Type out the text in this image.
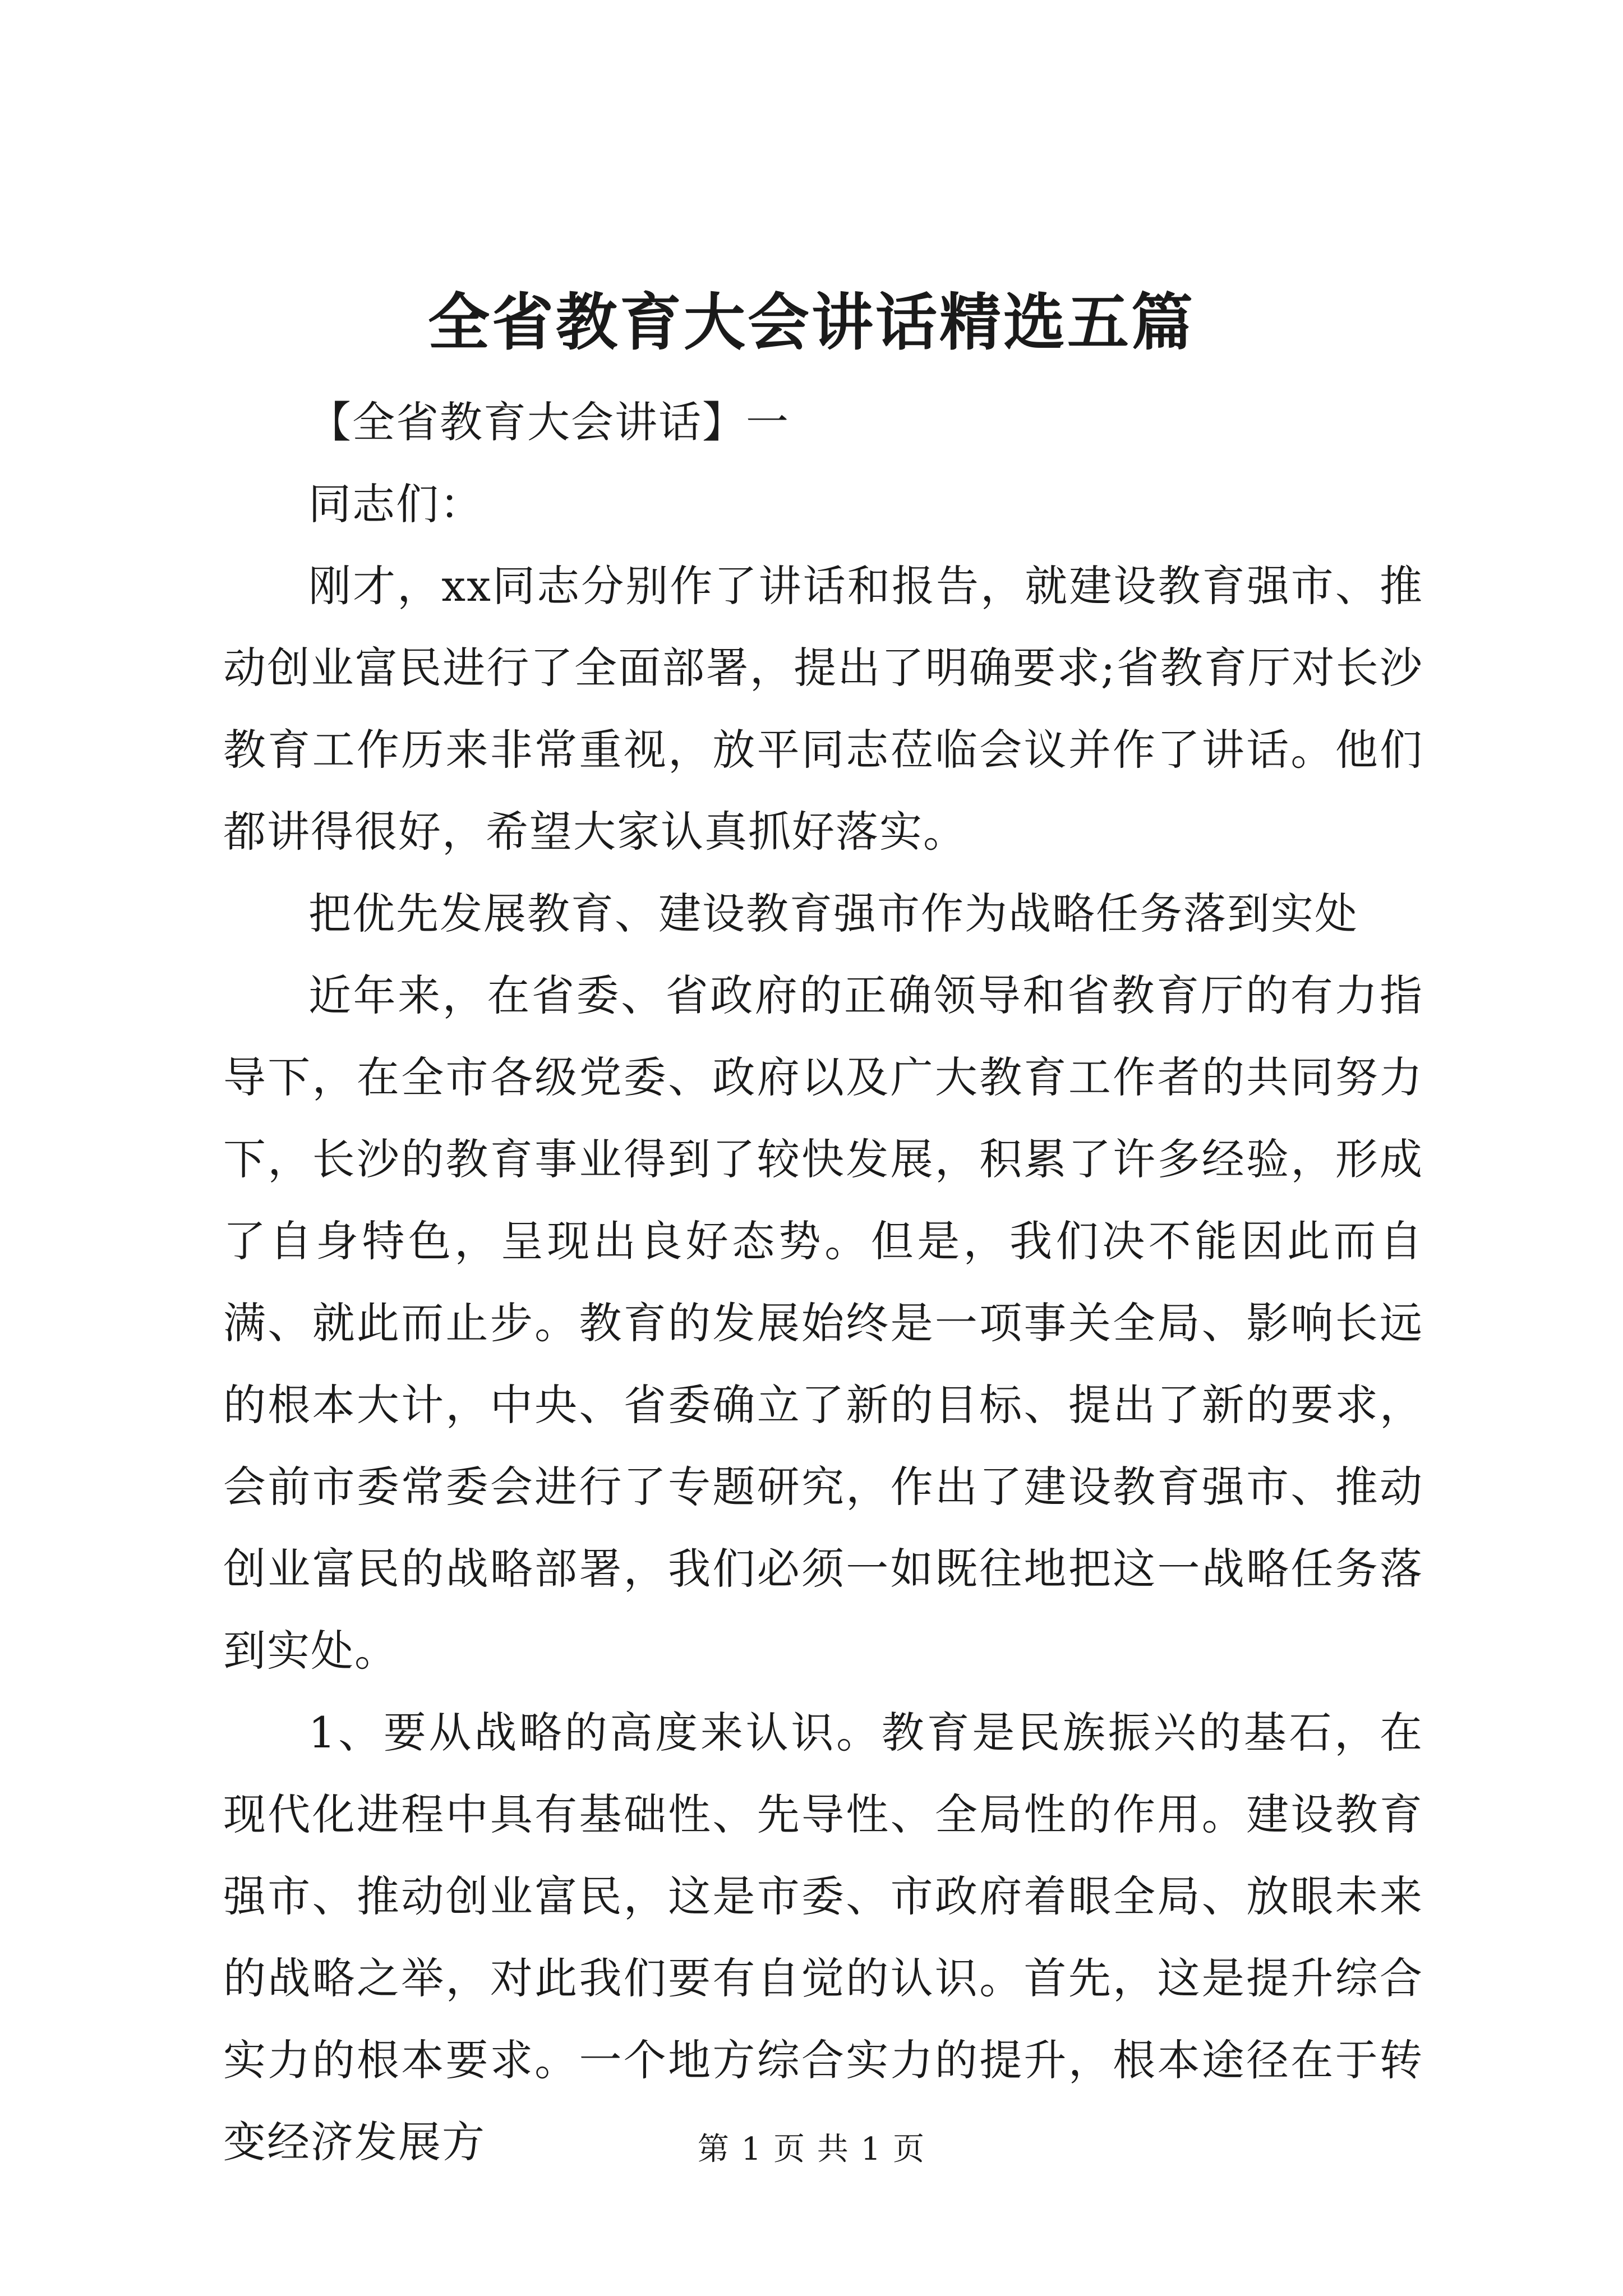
全省教育大会讲话精选五篇

【全省教育大会讲话】一

同志们：

刚才，xx同志分别作了讲话和报告，就建设教育强市、推动创业富民进行了全面部署，提出了明确要求;省教育厅对长沙教育工作历来非常重视，放平同志莅临会议并作了讲话。他们都讲得很好，希望大家认真抓好落实。

把优先发展教育、建设教育强市作为战略任务落到实处

近年来，在省委、省政府的正确领导和省教育厅的有力指导下，在全市各级党委、政府以及广大教育工作者的共同努力下，长沙的教育事业得到了较快发展，积累了许多经验，形成了自身特色，呈现出良好态势。但是，我们决不能因此而自满、就此而止步。教育的发展始终是一项事关全局、影响长远的根本大计，中央、省委确立了新的目标、提出了新的要求，会前市委常委会进行了专题研究，作出了建设教育强市、推动创业富民的战略部署，我们必须一如既往地把这一战略任务落到实处。

1、要从战略的高度来认识。教育是民族振兴的基石，在现代化进程中具有基础性、先导性、全局性的作用。建设教育强市、推动创业富民，这是市委、市政府着眼全局、放眼未来的战略之举，对此我们要有自觉的认识。首先，这是提升综合实力的根本要求。一个地方综合实力的提升，根本途径在于转变经济发展方	第 1 页 共 1 页
